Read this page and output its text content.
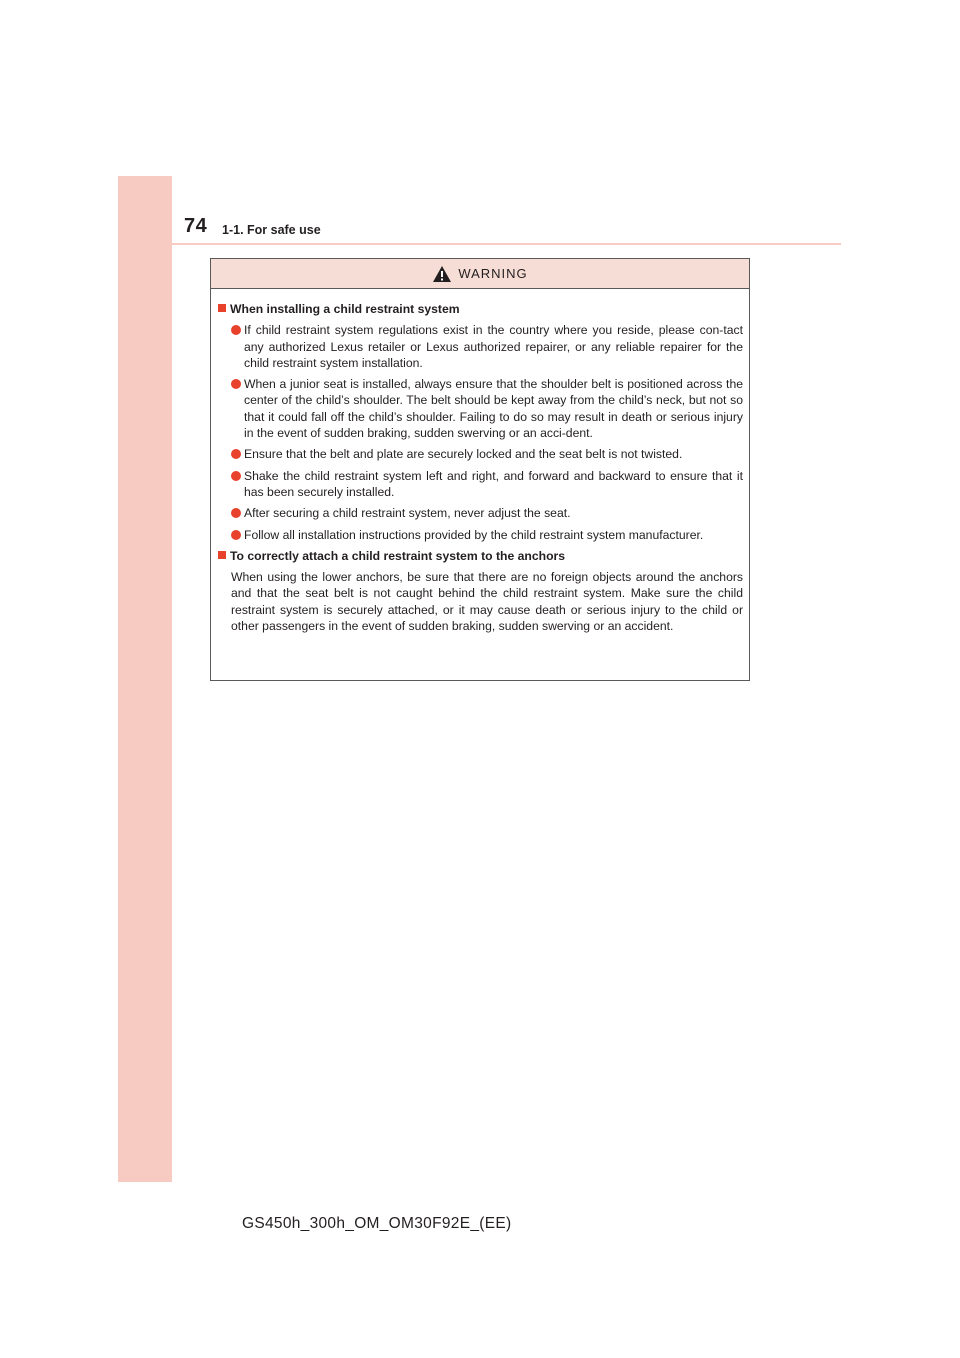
74 1-1. For safe use
WARNING
When installing a child restraint system
If child restraint system regulations exist in the country where you reside, please con-tact any authorized Lexus retailer or Lexus authorized repairer, or any reliable repairer for the child restraint system installation.
When a junior seat is installed, always ensure that the shoulder belt is positioned across the center of the child’s shoulder. The belt should be kept away from the child’s neck, but not so that it could fall off the child’s shoulder. Failing to do so may result in death or serious injury in the event of sudden braking, sudden swerving or an acci-dent.
Ensure that the belt and plate are securely locked and the seat belt is not twisted.
Shake the child restraint system left and right, and forward and backward to ensure that it has been securely installed.
After securing a child restraint system, never adjust the seat.
Follow all installation instructions provided by the child restraint system manufacturer.
To correctly attach a child restraint system to the anchors
When using the lower anchors, be sure that there are no foreign objects around the anchors and that the seat belt is not caught behind the child restraint system. Make sure the child restraint system is securely attached, or it may cause death or serious injury to the child or other passengers in the event of sudden braking, sudden swerving or an accident.
GS450h_300h_OM_OM30F92E_(EE)
